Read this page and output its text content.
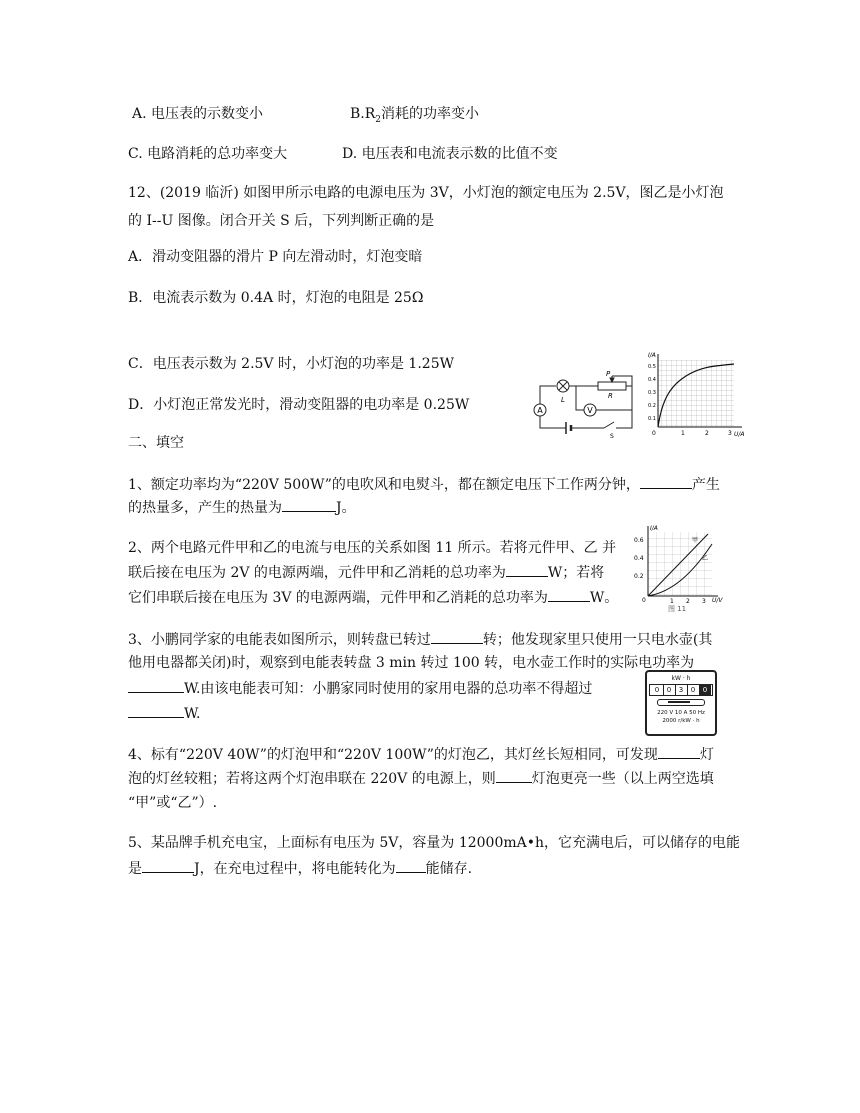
A. 电压表的示数变小	$B.R_2$消耗的功率变小
C. 电路消耗的总功率变大	D. 电压表和电流表示数的比值不变
12、(2019 临沂) 如图甲所示电路的电源电压为 3V，小灯泡的额定电压为 2.5V，图乙是小灯泡
的 I--U 图像。闭合开关 S 后，下列判断正确的是
A．滑动变阻器的滑片 P 向左滑动时，灯泡变暗
B．电流表示数为 0.4A 时，灯泡的电阻是 25Ω
C．电压表示数为 2.5V 时，小灯泡的功率是 1.25W
D．小灯泡正常发光时，滑动变阻器的电功率是 0.25W	A	V
L
P
R
S
I/A
U/A
0
0.5
0.4
0.3
0.2
0.1
1	2	3
二、填空
1、额定功率均为“220V 500W”的电吹风和电熨斗，都在额定电压下工作两分钟，	产生
的热量多，产生的热量为	J。
2、两个电路元件甲和乙的电流与电压的关系如图 11 所示。若将元件甲、乙 并
联后接在电压为 2V 的电源两端，元件甲和乙消耗的总功率为	W；若将
它们串联后接在电压为 3V 的电源两端，元件甲和乙消耗的总功率为	W。
甲
乙
I/A
U/V
0
0.6
0.4
0.2
1 2 3
图 11
3、小鹏同学家的电能表如图所示，则转盘已转过	转；他发现家里只使用一只电水壶(其
他用电器都关闭)时，观察到电能表转盘 3 min 转过 100 转，电水壶工作时的实际电功率为
W.由该电能表可知：小鹏家同时使用的家用电器的总功率不得超过
W.
kW · h
0	0	3	0	0
220 V 10 A 50 Hz
2000 r/kW · h
4、标有“220V 40W”的灯泡甲和“220V 100W”的灯泡乙，其灯丝长短相同，可发现	灯
泡的灯丝较粗；若将这两个灯泡串联在 220V 的电源上，则	灯泡更亮一些（以上两空选填
“甲”或“乙”）.
5、某品牌手机充电宝，上面标有电压为 5V，容量为 12000mA•h，它充满电后，可以储存的电能
是	J，在充电过程中，将电能转化为 能储存.
